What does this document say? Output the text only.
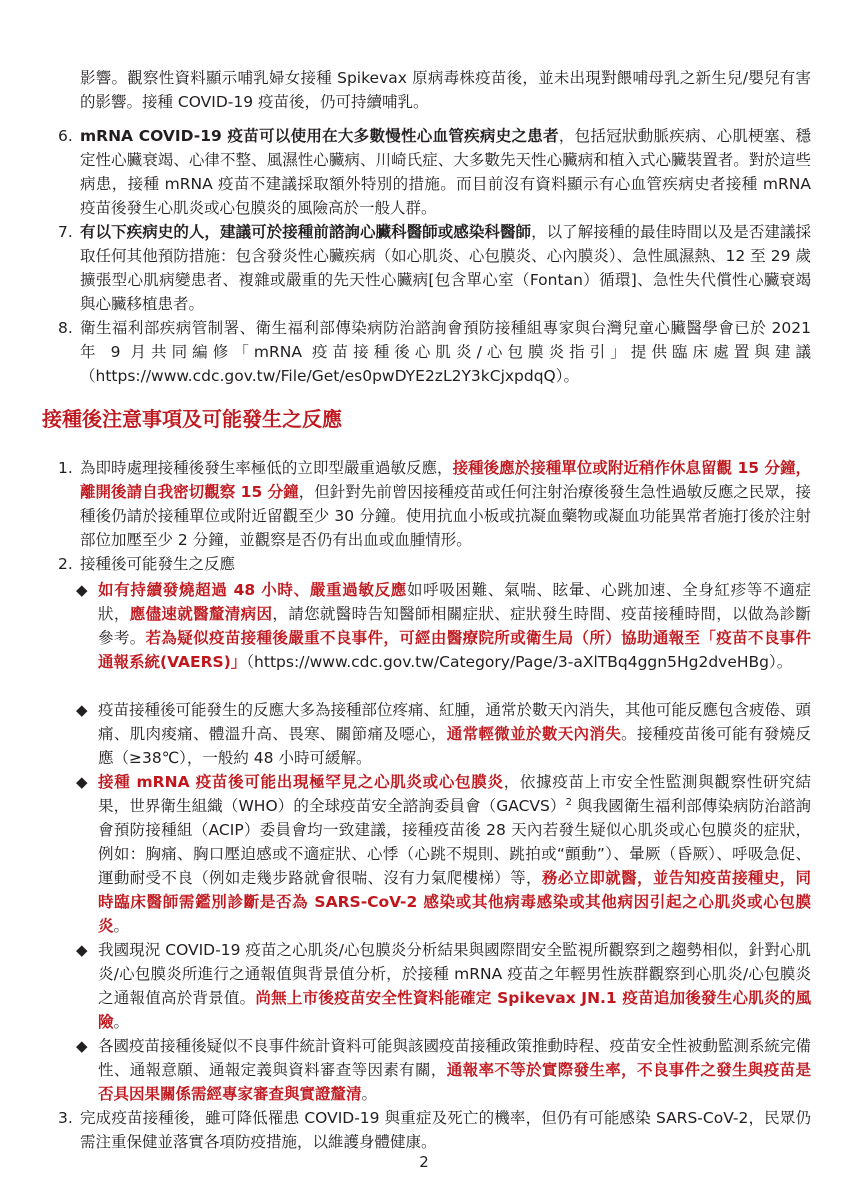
影響。觀察性資料顯示哺乳婦女接種 Spikevax 原病毒株疫苗後，並未出現對餵哺母乳之新生兒/嬰兒有害的影響。接種 COVID-19 疫苗後，仍可持續哺乳。
6. mRNA COVID-19 疫苗可以使用在大多數慢性心血管疾病史之患者，包括冠狀動脈疾病、心肌梗塞、穩定性心臟衰竭、心律不整、風濕性心臟病、川崎氏症、大多數先天性心臟病和植入式心臟裝置者。對於這些病患，接種 mRNA 疫苗不建議採取額外特別的措施。而目前沒有資料顯示有心血管疾病史者接種 mRNA 疫苗後發生心肌炎或心包膜炎的風險高於一般人群。
7. 有以下疾病史的人，建議可於接種前諮詢心臟科醫師或感染科醫師，以了解接種的最佳時間以及是否建議採取任何其他預防措施：包含發炎性心臟疾病（如心肌炎、心包膜炎、心內膜炎）、急性風濕熱、12 至 29 歲擴張型心肌病變患者、複雜或嚴重的先天性心臟病[包含單心室（Fontan）循環]、急性失代償性心臟衰竭與心臟移植患者。
8. 衛生福利部疾病管制署、衛生福利部傳染病防治諮詢會預防接種組專家與台灣兒童心臟醫學會已於 2021 年 9 月共同編修「mRNA 疫苗接種後心肌炎/心包膜炎指引」提供臨床處置與建議（https://www.cdc.gov.tw/File/Get/es0pwDYE2zL2Y3kCjxpdqQ）。
接種後注意事項及可能發生之反應
1. 為即時處理接種後發生率極低的立即型嚴重過敏反應，接種後應於接種單位或附近稍作休息留觀 15 分鐘，離開後請自我密切觀察 15 分鐘，但針對先前曾因接種疫苗或任何注射治療後發生急性過敏反應之民眾，接種後仍請於接種單位或附近留觀至少 30 分鐘。使用抗血小板或抗凝血藥物或凝血功能異常者施打後於注射部位加壓至少 2 分鐘，並觀察是否仍有出血或血腫情形。
2. 接種後可能發生之反應
◆ 如有持續發燒超過 48 小時、嚴重過敏反應如呼吸困難、氣喘、眩暈、心跳加速、全身紅疹等不適症狀，應儘速就醫釐清病因，請您就醫時告知醫師相關症狀、症狀發生時間、疫苗接種時間，以做為診斷參考。若為疑似疫苗接種後嚴重不良事件，可經由醫療院所或衛生局（所）協助通報至「疫苗不良事件通報系統(VAERS)」（https://www.cdc.gov.tw/Category/Page/3-aXlTBq4ggn5Hg2dveHBg）。
◆ 疫苗接種後可能發生的反應大多為接種部位疼痛、紅腫，通常於數天內消失，其他可能反應包含疲倦、頭痛、肌肉痠痛、體溫升高、畏寒、關節痛及噁心，通常輕微並於數天內消失。接種疫苗後可能有發燒反應（≥38℃），一般約 48 小時可緩解。
◆ 接種 mRNA 疫苗後可能出現極罕見之心肌炎或心包膜炎，依據疫苗上市安全性監測與觀察性研究結果，世界衛生組織（WHO）的全球疫苗安全諮詢委員會（GACVS）$^2$ 與我國衛生福利部傳染病防治諮詢會預防接種組（ACIP）委員會均一致建議，接種疫苗後 28 天內若發生疑似心肌炎或心包膜炎的症狀，例如：胸痛、胸口壓迫感或不適症狀、心悸（心跳不規則、跳拍或“顫動”）、暈厥（昏厥）、呼吸急促、運動耐受不良（例如走幾步路就會很喘、沒有力氣爬樓梯）等，務必立即就醫，並告知疫苗接種史，同時臨床醫師需鑑別診斷是否為 SARS-CoV-2 感染或其他病毒感染或其他病因引起之心肌炎或心包膜炎。
◆ 我國現況 COVID-19 疫苗之心肌炎/心包膜炎分析結果與國際間安全監視所觀察到之趨勢相似，針對心肌炎/心包膜炎所進行之通報值與背景值分析，於接種 mRNA 疫苗之年輕男性族群觀察到心肌炎/心包膜炎之通報值高於背景值。尚無上市後疫苗安全性資料能確定 Spikevax JN.1 疫苗追加後發生心肌炎的風險。
◆ 各國疫苗接種後疑似不良事件統計資料可能與該國疫苗接種政策推動時程、疫苗安全性被動監測系統完備性、通報意願、通報定義與資料審查等因素有關，通報率不等於實際發生率，不良事件之發生與疫苗是否具因果關係需經專家審查與實證釐清。
3. 完成疫苗接種後，雖可降低罹患 COVID-19 與重症及死亡的機率，但仍有可能感染 SARS-CoV-2，民眾仍需注重保健並落實各項防疫措施，以維護身體健康。
2
